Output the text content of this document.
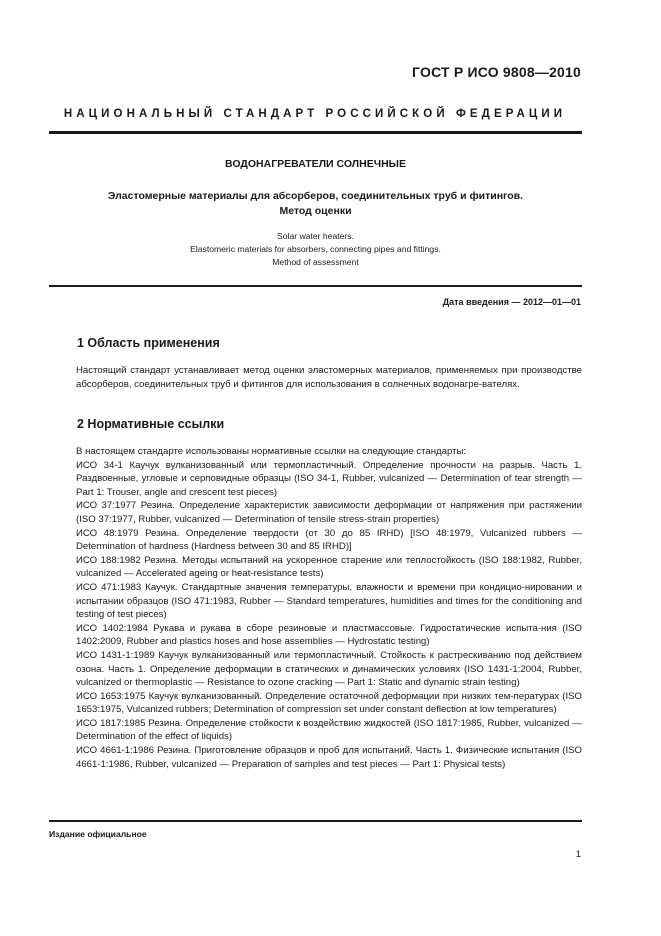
ГОСТ Р ИСО 9808—2010
НАЦИОНАЛЬНЫЙ СТАНДАРТ РОССИЙСКОЙ ФЕДЕРАЦИИ
ВОДОНАГРЕВАТЕЛИ СОЛНЕЧНЫЕ
Эластомерные материалы для абсорберов, соединительных труб и фитингов.
Метод оценки
Solar water heaters.
Elastomeric materials for absorbers, connecting pipes and fittings.
Method of assessment
Дата введения — 2012—01—01
1 Область применения

Настоящий стандарт устанавливает метод оценки эластомерных материалов, применяемых при производстве абсорберов, соединительных труб и фитингов для использования в солнечных водонагре-вателях.

2 Нормативные ссылки

В настоящем стандарте использованы нормативные ссылки на следующие стандарты:

ИСО 34-1 Каучук вулканизованный или термопластичный. Определение прочности на разрыв. Часть 1. Раздвоенные, угловые и серповидные образцы (ISO 34-1, Rubber, vulcanized — Determination of tear strength — Part 1: Trouser, angle and crescent test pieces)

ИСО 37:1977 Резина. Определение характеристик зависимости деформации от напряжения при растяжении (ISO 37:1977, Rubber, vulcanized — Determination of tensile stress-strain properties)

ИСО 48:1979 Резина. Определение твердости (от 30 до 85 IRHD) [ISO 48:1979, Vulcanized rubbers — Determination of hardness (Hardness between 30 and 85 IRHD)]

ИСО 188:1982 Резина. Методы испытаний на ускоренное старение или теплостойкость (ISO 188:1982, Rubber, vulcanized — Accelerated ageing or heat-resistance tests)

ИСО 471:1983 Каучук. Стандартные значения температуры, влажности и времени при кондицио-нировании и испытании образцов (ISO 471:1983, Rubber — Standard temperatures, humidities and times for the conditioning and testing of test pieces)

ИСО 1402:1984 Рукава и рукава в сборе резиновые и пластмассовые. Гидростатические испыта-ния (ISO 1402:2009, Rubber and plastics hoses and hose assemblies — Hydrostatic testing)

ИСО 1431-1:1989 Каучук вулканизованный или термопластичный. Стойкость к растрескиванию под действием озона. Часть 1. Определение деформации в статических и динамических условиях (ISO 1431-1:2004, Rubber, vulcanized or thermoplastic — Resistance to ozone cracking — Part 1: Static and dynamic strain testing)

ИСО 1653:1975 Каучук вулканизованный. Определение остаточной деформации при низких тем-пературах (ISO 1653:1975, Vulcanized rubbers; Determination of compression set under constant deflection at low temperatures)

ИСО 1817:1985 Резина. Определение стойкости к воздействию жидкостей (ISO 1817:1985, Rubber, vulcanized — Determination of the effect of liquids)

ИСО 4661-1:1986 Резина. Приготовление образцов и проб для испытаний. Часть 1. Физические испытания (ISO 4661-1:1986, Rubber, vulcanized — Preparation of samples and test pieces — Part 1: Physical tests)

Издание официальное
1
